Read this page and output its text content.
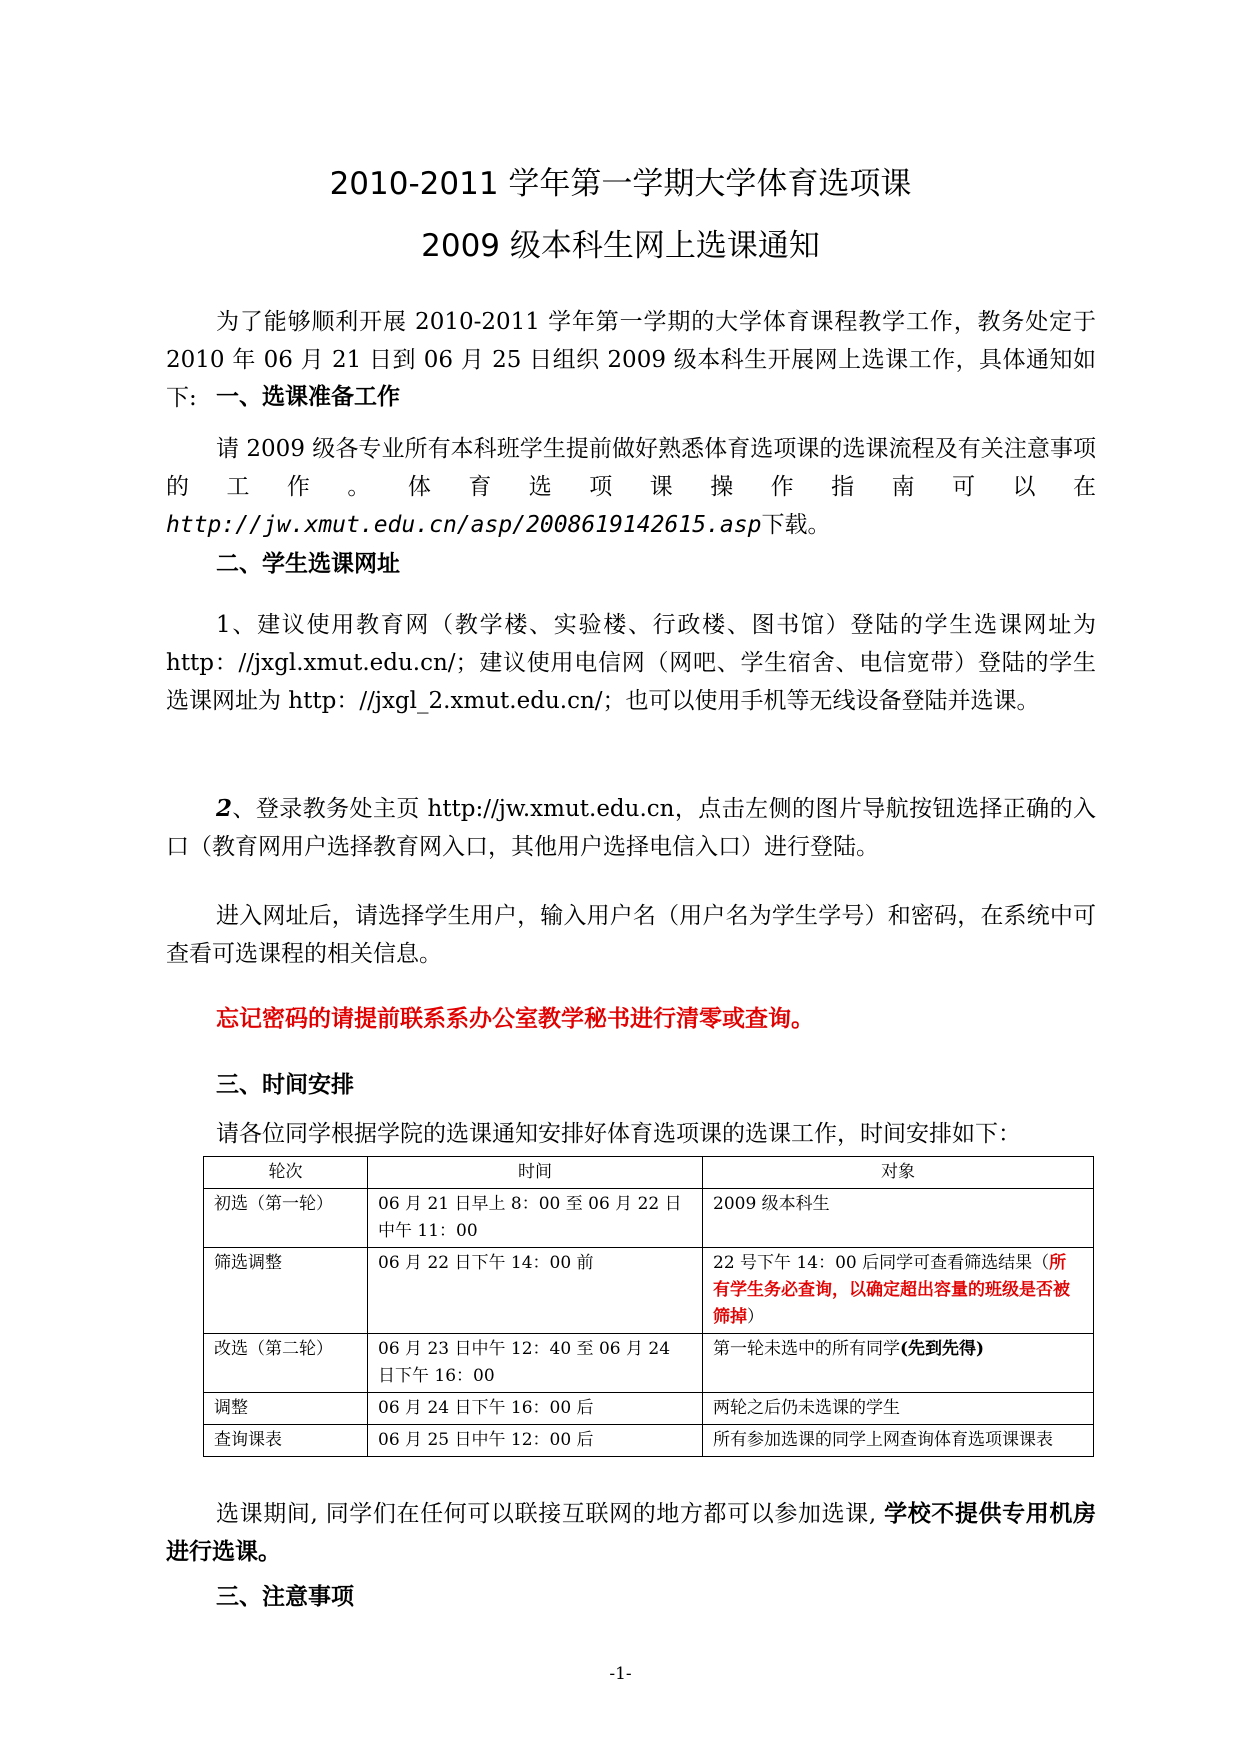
2010-2011 学年第一学期大学体育选项课
2009 级本科生网上选课通知
为了能够顺利开展 2010-2011 学年第一学期的大学体育课程教学工作，教务处定于 2010 年 06 月 21 日到 06 月 25 日组织 2009 级本科生开展网上选课工作，具体通知如下: 一、选课准备工作
请 2009 级各专业所有本科班学生提前做好熟悉体育选项课的选课流程及有关注意事项的工作。体育选项课操作指南可以在 http://jw.xmut.edu.cn/asp/2008619142615.asp下载。
二、学生选课网址
1、建议使用教育网（教学楼、实验楼、行政楼、图书馆）登陆的学生选课网址为 http：//jxgl.xmut.edu.cn/；建议使用电信网（网吧、学生宿舍、电信宽带）登陆的学生选课网址为 http：//jxgl_2.xmut.edu.cn/；也可以使用手机等无线设备登陆并选课。
2、登录教务处主页 http://jw.xmut.edu.cn，点击左侧的图片导航按钮选择正确的入口（教育网用户选择教育网入口，其他用户选择电信入口）进行登陆。
进入网址后，请选择学生用户，输入用户名（用户名为学生学号）和密码，在系统中可查看可选课程的相关信息。
忘记密码的请提前联系系办公室教学秘书进行清零或查询。
三、时间安排
请各位同学根据学院的选课通知安排好体育选项课的选课工作，时间安排如下：
轮次	时间	对象
初选（第一轮）	06 月 21 日早上 8：00 至 06 月 22 日中午 11：00	2009 级本科生
筛选调整	06 月 22 日下午 14：00 前	22 号下午 14：00 后同学可查看筛选结果（所有学生务必查询，以确定超出容量的班级是否被筛掉）
改选（第二轮）	06 月 23 日中午 12：40 至 06 月 24 日下午 16：00	第一轮未选中的所有同学(先到先得)
调整	06 月 24 日下午 16：00 后	两轮之后仍未选课的学生
查询课表	06 月 25 日中午 12：00 后	所有参加选课的同学上网查询体育选项课课表
选课期间, 同学们在任何可以联接互联网的地方都可以参加选课, 学校不提供专用机房进行选课。
三、注意事项
-1-
